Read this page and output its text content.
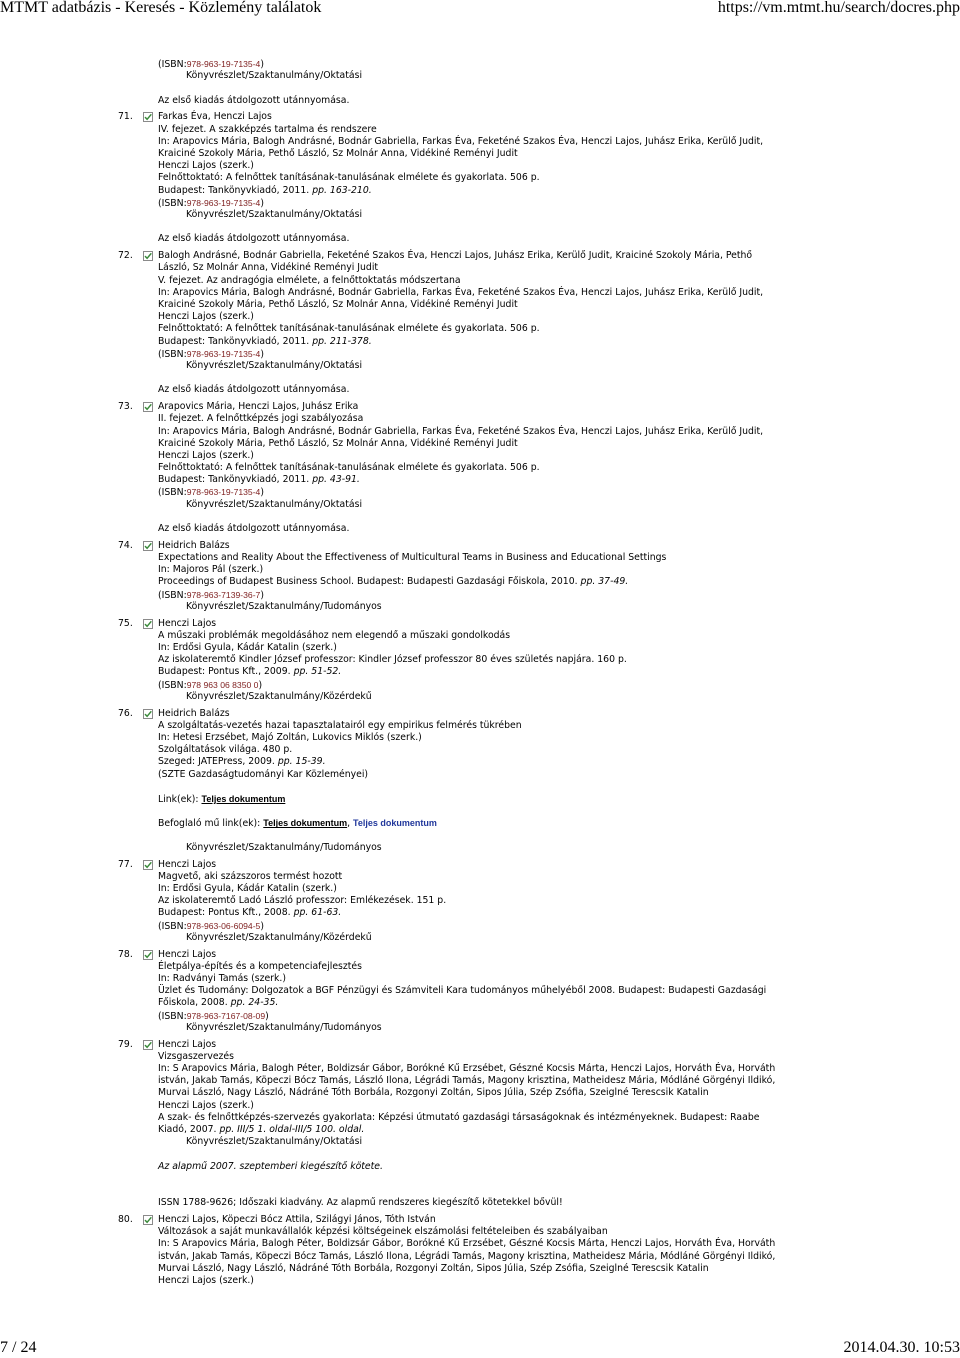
MTMT adatbázis - Keresés - Közlemény találatok	https://vm.mtmt.hu/search/docres.php
(ISBN:978-963-19-7135-4)
Könyvrészlet/Szaktanulmány/Oktatási
Az első kiadás átdolgozott utánnyomása.
71.	Farkas Éva, Henczi Lajos
IV. fejezet. A szakképzés tartalma és rendszere
In: Arapovics Mária, Balogh Andrásné, Bodnár Gabriella, Farkas Éva, Feketéné Szakos Éva, Henczi Lajos, Juhász Erika, Kerülő Judit,
Kraiciné Szokoly Mária, Pethő László, Sz Molnár Anna, Vidékiné Reményi Judit
Henczi Lajos (szerk.)
Felnőttoktató: A felnőttek tanításának-tanulásának elmélete és gyakorlata. 506 p.
Budapest: Tankönyvkiadó, 2011. pp. 163-210.
(ISBN:978-963-19-7135-4)
Könyvrészlet/Szaktanulmány/Oktatási
Az első kiadás átdolgozott utánnyomása.
72.	Balogh Andrásné, Bodnár Gabriella, Feketéné Szakos Éva, Henczi Lajos, Juhász Erika, Kerülő Judit, Kraiciné Szokoly Mária, Pethő
László, Sz Molnár Anna, Vidékiné Reményi Judit
V. fejezet. Az andragógia elmélete, a felnőttoktatás módszertana
In: Arapovics Mária, Balogh Andrásné, Bodnár Gabriella, Farkas Éva, Feketéné Szakos Éva, Henczi Lajos, Juhász Erika, Kerülő Judit,
Kraiciné Szokoly Mária, Pethő László, Sz Molnár Anna, Vidékiné Reményi Judit
Henczi Lajos (szerk.)
Felnőttoktató: A felnőttek tanításának-tanulásának elmélete és gyakorlata. 506 p.
Budapest: Tankönyvkiadó, 2011. pp. 211-378.
(ISBN:978-963-19-7135-4)
Könyvrészlet/Szaktanulmány/Oktatási
Az első kiadás átdolgozott utánnyomása.
73.	Arapovics Mária, Henczi Lajos, Juhász Erika
II. fejezet. A felnőttképzés jogi szabályozása
In: Arapovics Mária, Balogh Andrásné, Bodnár Gabriella, Farkas Éva, Feketéné Szakos Éva, Henczi Lajos, Juhász Erika, Kerülő Judit,
Kraiciné Szokoly Mária, Pethő László, Sz Molnár Anna, Vidékiné Reményi Judit
Henczi Lajos (szerk.)
Felnőttoktató: A felnőttek tanításának-tanulásának elmélete és gyakorlata. 506 p.
Budapest: Tankönyvkiadó, 2011. pp. 43-91.
(ISBN:978-963-19-7135-4)
Könyvrészlet/Szaktanulmány/Oktatási
Az első kiadás átdolgozott utánnyomása.
74.	Heidrich Balázs
Expectations and Reality About the Effectiveness of Multicultural Teams in Business and Educational Settings
In: Majoros Pál (szerk.)
Proceedings of Budapest Business School. Budapest: Budapesti Gazdasági Főiskola, 2010. pp. 37-49.
(ISBN:978-963-7139-36-7)
Könyvrészlet/Szaktanulmány/Tudományos
75.	Henczi Lajos
A műszaki problémák megoldásához nem elegendő a műszaki gondolkodás
In: Erdősi Gyula, Kádár Katalin (szerk.)
Az iskolateremtő Kindler József professzor: Kindler József professzor 80 éves születés napjára. 160 p.
Budapest: Pontus Kft., 2009. pp. 51-52.
(ISBN:978 963 06 8350 0)
Könyvrészlet/Szaktanulmány/Közérdekű
76.	Heidrich Balázs
A szolgáltatás-vezetés hazai tapasztalatairól egy empirikus felmérés tükrében
In: Hetesi Erzsébet, Majó Zoltán, Lukovics Miklós (szerk.)
Szolgáltatások világa. 480 p.
Szeged: JATEPress, 2009. pp. 15-39.
(SZTE Gazdaságtudományi Kar Közleményei)
Link(ek): Teljes dokumentum
Befoglaló mű link(ek): Teljes dokumentum, Teljes dokumentum
Könyvrészlet/Szaktanulmány/Tudományos
77.	Henczi Lajos
Magvető, aki százszoros termést hozott
In: Erdősi Gyula, Kádár Katalin (szerk.)
Az iskolateremtő Ladó László professzor: Emlékezések. 151 p.
Budapest: Pontus Kft., 2008. pp. 61-63.
(ISBN:978-963-06-6094-5)
Könyvrészlet/Szaktanulmány/Közérdekű
78.	Henczi Lajos
Életpálya-építés és a kompetenciafejlesztés
In: Radványi Tamás (szerk.)
Üzlet és Tudomány: Dolgozatok a BGF Pénzügyi és Számviteli Kara tudományos műhelyéből 2008. Budapest: Budapesti Gazdasági
Főiskola, 2008. pp. 24-35.
(ISBN:978-963-7167-08-09)
Könyvrészlet/Szaktanulmány/Tudományos
79.	Henczi Lajos
Vizsgaszervezés
In: S Arapovics Mária, Balogh Péter, Boldizsár Gábor, Borókné Kű Erzsébet, Gészné Kocsis Márta, Henczi Lajos, Horváth Éva, Horváth
istván, Jakab Tamás, Köpeczi Bócz Tamás, László Ilona, Légrádi Tamás, Magony krisztina, Matheidesz Mária, Módláné Görgényi Ildikó,
Murvai László, Nagy László, Nádráné Tóth Borbála, Rozgonyi Zoltán, Sipos Júlia, Szép Zsófia, Szeiglné Terescsik Katalin
Henczi Lajos (szerk.)
A szak- és felnőttképzés-szervezés gyakorlata: Képzési útmutató gazdasági társaságoknak és intézményeknek. Budapest: Raabe
Kiadó, 2007. pp. III/5 1. oldal-III/5 100. oldal.
Könyvrészlet/Szaktanulmány/Oktatási
Az alapmű 2007. szeptemberi kiegészítő kötete.
ISSN 1788-9626; Időszaki kiadvány. Az alapmű rendszeres kiegészítő kötetekkel bővül!
80.	Henczi Lajos, Köpeczi Bócz Attila, Szilágyi János, Tóth István
Változások a saját munkavállalók képzési költségeinek elszámolási feltételeiben és szabályaiban
In: S Arapovics Mária, Balogh Péter, Boldizsár Gábor, Borókné Kű Erzsébet, Gészné Kocsis Márta, Henczi Lajos, Horváth Éva, Horváth
istván, Jakab Tamás, Köpeczi Bócz Tamás, László Ilona, Légrádi Tamás, Magony krisztina, Matheidesz Mária, Módláné Görgényi Ildikó,
Murvai László, Nagy László, Nádráné Tóth Borbála, Rozgonyi Zoltán, Sipos Júlia, Szép Zsófia, Szeiglné Terescsik Katalin
Henczi Lajos (szerk.)
7 / 24	2014.04.30. 10:53
